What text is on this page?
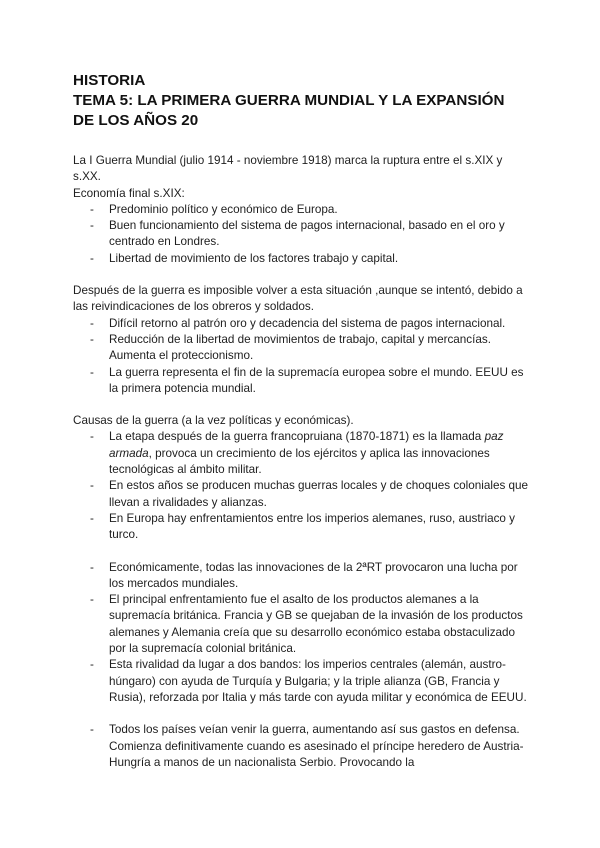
HISTORIA
TEMA 5: LA PRIMERA GUERRA MUNDIAL Y LA EXPANSIÓN
DE LOS AÑOS 20

La I Guerra Mundial (julio 1914 - noviembre 1918) marca la ruptura entre el s.XIX y s.XX.

Economía final s.XIX:

- Predominio político y económico de Europa.
- Buen funcionamiento del sistema de pagos internacional, basado en el oro y centrado en Londres.
- Libertad de movimiento de los factores trabajo y capital.

Después de la guerra es imposible volver a esta situación ,aunque se intentó, debido a las reivindicaciones de los obreros y soldados.

- Difícil retorno al patrón oro y decadencia del sistema de pagos internacional.
- Reducción de la libertad de movimientos de trabajo, capital y mercancías. Aumenta el proteccionismo.
- La guerra representa el fin de la supremacía europea sobre el mundo. EEUU es la primera potencia mundial.

Causas de la guerra (a la vez políticas y económicas).

- La etapa después de la guerra francopruiana (1870-1871) es la llamada paz armada, provoca un crecimiento de los ejércitos y aplica las innovaciones tecnológicas al ámbito militar.
- En estos años se producen muchas guerras locales y de choques coloniales que llevan a rivalidades y alianzas.
- En Europa hay enfrentamientos entre los imperios alemanes, ruso, austriaco y turco.
- Económicamente, todas las innovaciones de la 2ªRT provocaron una lucha por los mercados mundiales.
- El principal enfrentamiento fue el asalto de los productos alemanes a la supremacía británica. Francia y GB se quejaban de la invasión de los productos alemanes y Alemania creía que su desarrollo económico estaba obstaculizado por la supremacía colonial británica.
- Esta rivalidad da lugar a dos bandos: los imperios centrales (alemán, austro-húngaro) con ayuda de Turquía y Bulgaria; y la triple alianza (GB, Francia y Rusia), reforzada por Italia y más tarde con ayuda militar y económica de EEUU.
- Todos los países veían venir la guerra, aumentando así sus gastos en defensa. Comienza definitivamente cuando es asesinado el príncipe heredero de Austria-Hungría a manos de un nacionalista Serbio. Provocando la
